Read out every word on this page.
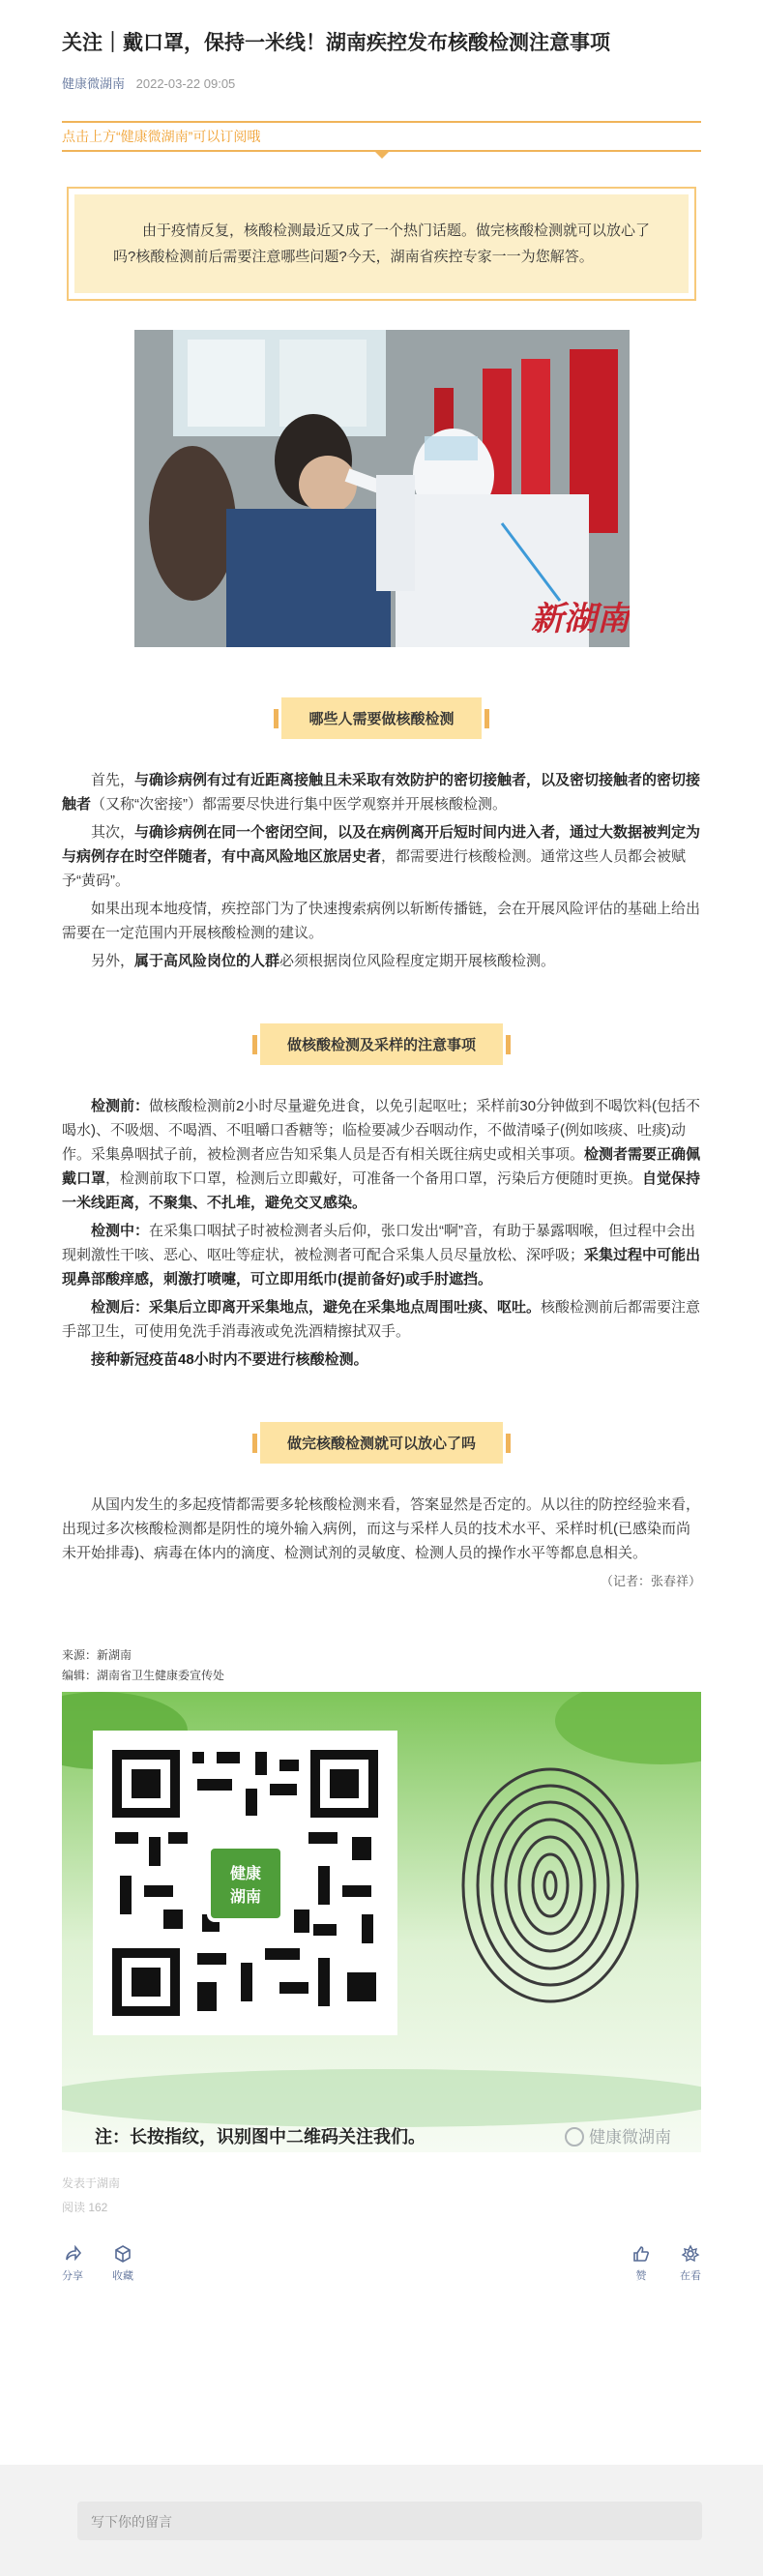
关注｜戴口罩，保持一米线！湖南疾控发布核酸检测注意事项
健康微湖南 2022-03-22 09:05
点击上方“健康微湖南”可以订阅哦
由于疫情反复，核酸检测最近又成了一个热门话题。做完核酸检测就可以放心了吗?核酸检测前后需要注意哪些问题?今天，湖南省疾控专家一一为您解答。
新湖南
哪些人需要做核酸检测

首先，与确诊病例有过有近距离接触且未采取有效防护的密切接触者，以及密切接触者的密切接触者（又称“次密接”）都需要尽快进行集中医学观察并开展核酸检测。

其次，与确诊病例在同一个密闭空间，以及在病例离开后短时间内进入者，通过大数据被判定为与病例存在时空伴随者，有中高风险地区旅居史者，都需要进行核酸检测。通常这些人员都会被赋予“黄码”。

如果出现本地疫情，疾控部门为了快速搜索病例以斩断传播链，会在开展风险评估的基础上给出需要在一定范围内开展核酸检测的建议。

另外，属于高风险岗位的人群必须根据岗位风险程度定期开展核酸检测。

做核酸检测及采样的注意事项

检测前：做核酸检测前2小时尽量避免进食，以免引起呕吐；采样前30分钟做到不喝饮料(包括不喝水)、不吸烟、不喝酒、不咀嚼口香糖等；临检要减少吞咽动作，不做清嗓子(例如咳痰、吐痰)动作。采集鼻咽拭子前，被检测者应告知采集人员是否有相关既往病史或相关事项。检测者需要正确佩戴口罩，检测前取下口罩，检测后立即戴好，可准备一个备用口罩，污染后方便随时更换。自觉保持一米线距离，不聚集、不扎堆，避免交叉感染。

检测中：在采集口咽拭子时被检测者头后仰，张口发出“啊”音，有助于暴露咽喉，但过程中会出现刺激性干咳、恶心、呕吐等症状，被检测者可配合采集人员尽量放松、深呼吸；采集过程中可能出现鼻部酸痒感，刺激打喷嚏，可立即用纸巾(提前备好)或手肘遮挡。

检测后：采集后立即离开采集地点，避免在采集地点周围吐痰、呕吐。核酸检测前后都需要注意手部卫生，可使用免洗手消毒液或免洗酒精擦拭双手。

接种新冠疫苗48小时内不要进行核酸检测。

做完核酸检测就可以放心了吗

从国内发生的多起疫情都需要多轮核酸检测来看，答案显然是否定的。从以往的防控经验来看，出现过多次核酸检测都是阴性的境外输入病例，而这与采样人员的技术水平、采样时机(已感染而尚未开始排毒)、病毒在体内的滴度、检测试剂的灵敏度、检测人员的操作水平等都息息相关。

（记者：张春祥）

来源：新湖南
编辑：湖南省卫生健康委宣传处
健康
湖南
注：长按指纹，识别图中二维码关注我们。	健康微湖南
发表于湖南
阅读 162
分享	收藏	赞	在看
写下你的留言
